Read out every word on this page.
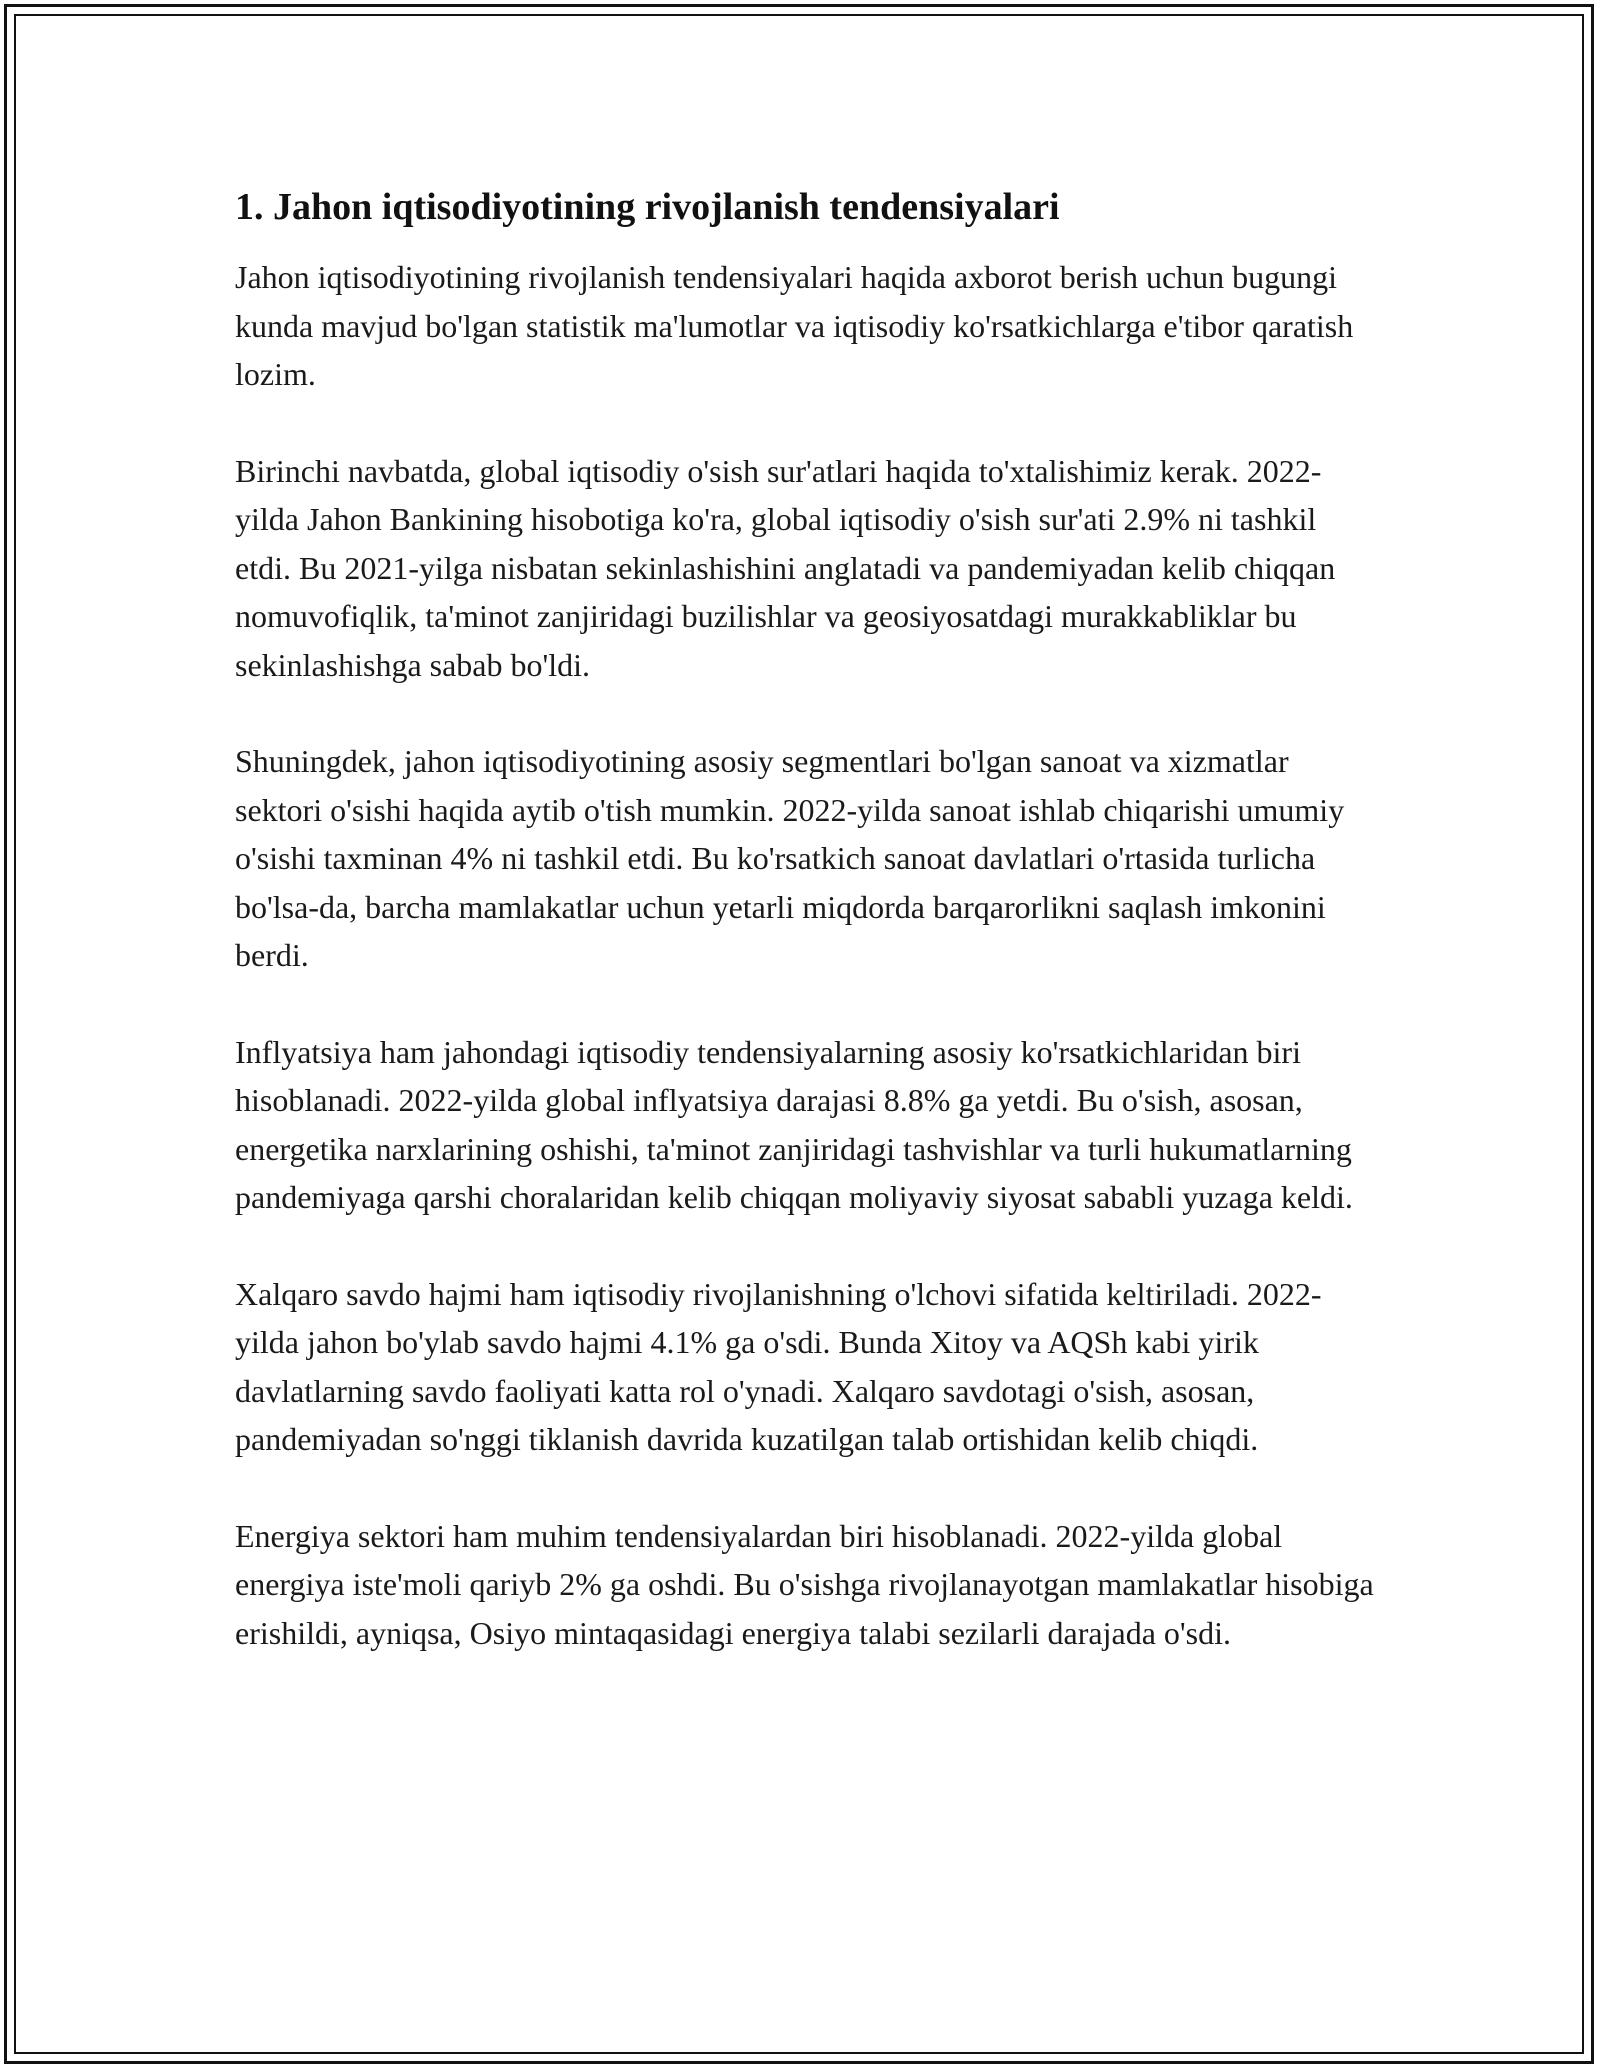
1. Jahon iqtisodiyotining rivojlanish tendensiyalari

Jahon iqtisodiyotining rivojlanish tendensiyalari haqida axborot berish uchun bugungi kunda mavjud bo'lgan statistik ma'lumotlar va iqtisodiy ko'rsatkichlarga e'tibor qaratish lozim.

Birinchi navbatda, global iqtisodiy o'sish sur'atlari haqida to'xtalishimiz kerak. 2022-yilda Jahon Bankining hisobotiga ko'ra, global iqtisodiy o'sish sur'ati 2.9% ni tashkil etdi. Bu 2021-yilga nisbatan sekinlashishini anglatadi va pandemiyadan kelib chiqqan nomuvofiqlik, ta'minot zanjiridagi buzilishlar va geosiyosatdagi murakkabliklar bu sekinlashishga sabab bo'ldi.

Shuningdek, jahon iqtisodiyotining asosiy segmentlari bo'lgan sanoat va xizmatlar sektori o'sishi haqida aytib o'tish mumkin. 2022-yilda sanoat ishlab chiqarishi umumiy o'sishi taxminan 4% ni tashkil etdi. Bu ko'rsatkich sanoat davlatlari o'rtasida turlicha bo'lsa-da, barcha mamlakatlar uchun yetarli miqdorda barqarorlikni saqlash imkonini berdi.

Inflyatsiya ham jahondagi iqtisodiy tendensiyalarning asosiy ko'rsatkichlaridan biri hisoblanadi. 2022-yilda global inflyatsiya darajasi 8.8% ga yetdi. Bu o'sish, asosan, energetika narxlarining oshishi, ta'minot zanjiridagi tashvishlar va turli hukumatlarning pandemiyaga qarshi choralaridan kelib chiqqan moliyaviy siyosat sababli yuzaga keldi.

Xalqaro savdo hajmi ham iqtisodiy rivojlanishning o'lchovi sifatida keltiriladi. 2022-yilda jahon bo'ylab savdo hajmi 4.1% ga o'sdi. Bunda Xitoy va AQSh kabi yirik davlatlarning savdo faoliyati katta rol o'ynadi. Xalqaro savdotagi o'sish, asosan, pandemiyadan so'nggi tiklanish davrida kuzatilgan talab ortishidan kelib chiqdi.

Energiya sektori ham muhim tendensiyalardan biri hisoblanadi. 2022-yilda global energiya iste'moli qariyb 2% ga oshdi. Bu o'sishga rivojlanayotgan mamlakatlar hisobiga erishildi, ayniqsa, Osiyo mintaqasidagi energiya talabi sezilarli darajada o'sdi.
